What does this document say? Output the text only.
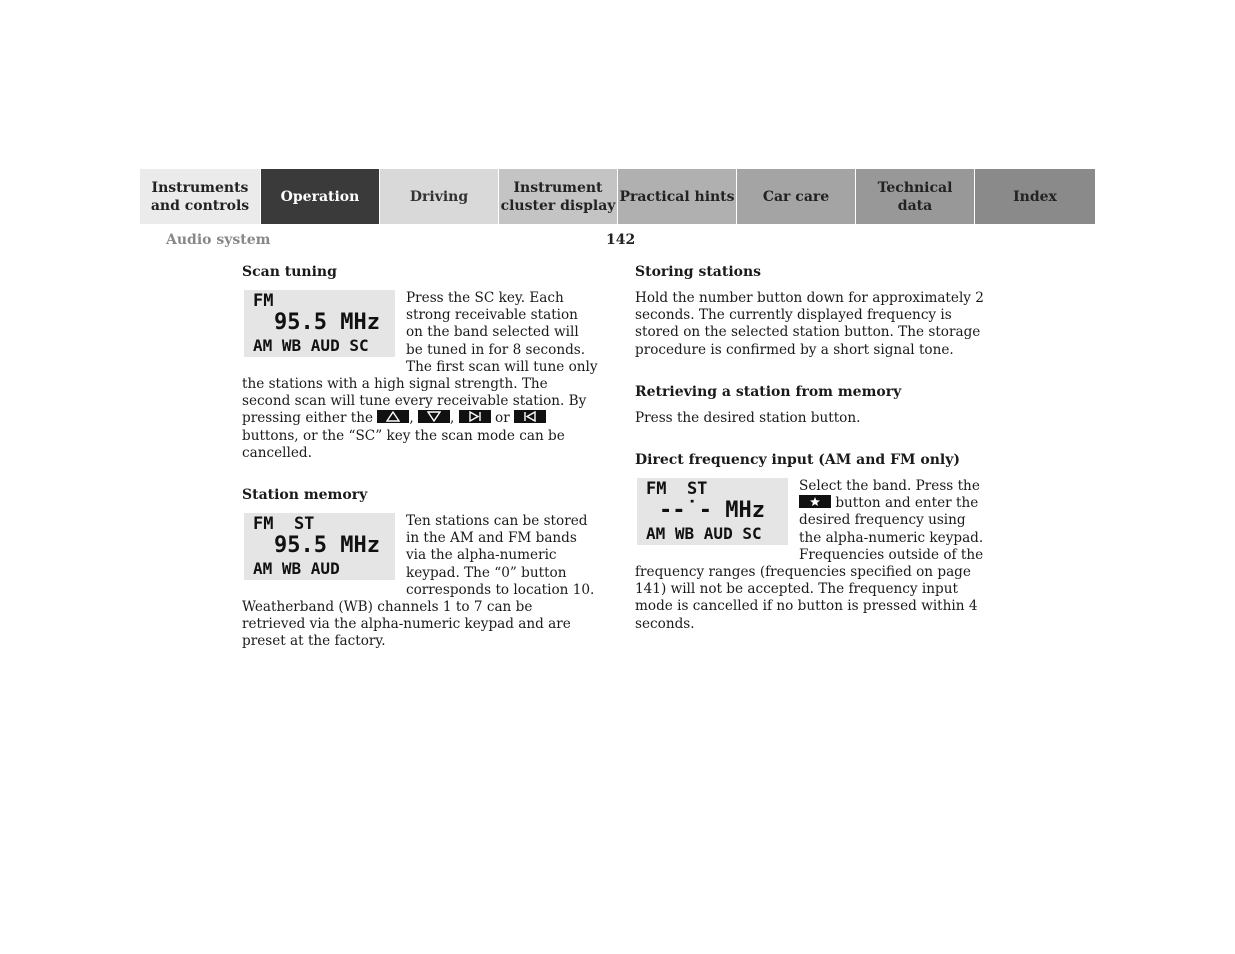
Instruments
and controls
Operation	Driving
Instrument
cluster display
Practical hints	Car care
Technical
data
Index
Audio system	142
Scan tuning
FM
95.5 MHz
AM WB AUD SC

Press the SC key. Each strong receivable station on the band selected will be tuned in for 8 seconds. The first scan will tune only the stations with a high signal strength. The second scan will tune every receivable station. By pressing either the	,	,	or
buttons, or the “SC” key the scan mode can be cancelled.

Station memory
FM  ST
95.5 MHz
AM WB AUD

Ten stations can be stored in the AM and FM bands via the alpha-numeric keypad. The “0” button corresponds to location 10. Weatherband (WB) channels 1 to 7 can be retrieved via the alpha-numeric keypad and are preset at the factory.

Storing stations

Hold the number button down for approximately 2 seconds. The currently displayed frequency is stored on the selected station button. The storage procedure is confirmed by a short signal tone.

Retrieving a station from memory

Press the desired station button.

Direct frequency input (AM and FM only)
FM  ST
--˙- MHz
AM WB AUD SC

Select the band. Press the
button and enter the desired frequency using the alpha-numeric keypad. Frequencies outside of the frequency ranges (frequencies specified on page 141) will not be accepted. The frequency input mode is cancelled if no button is pressed within 4 seconds.
